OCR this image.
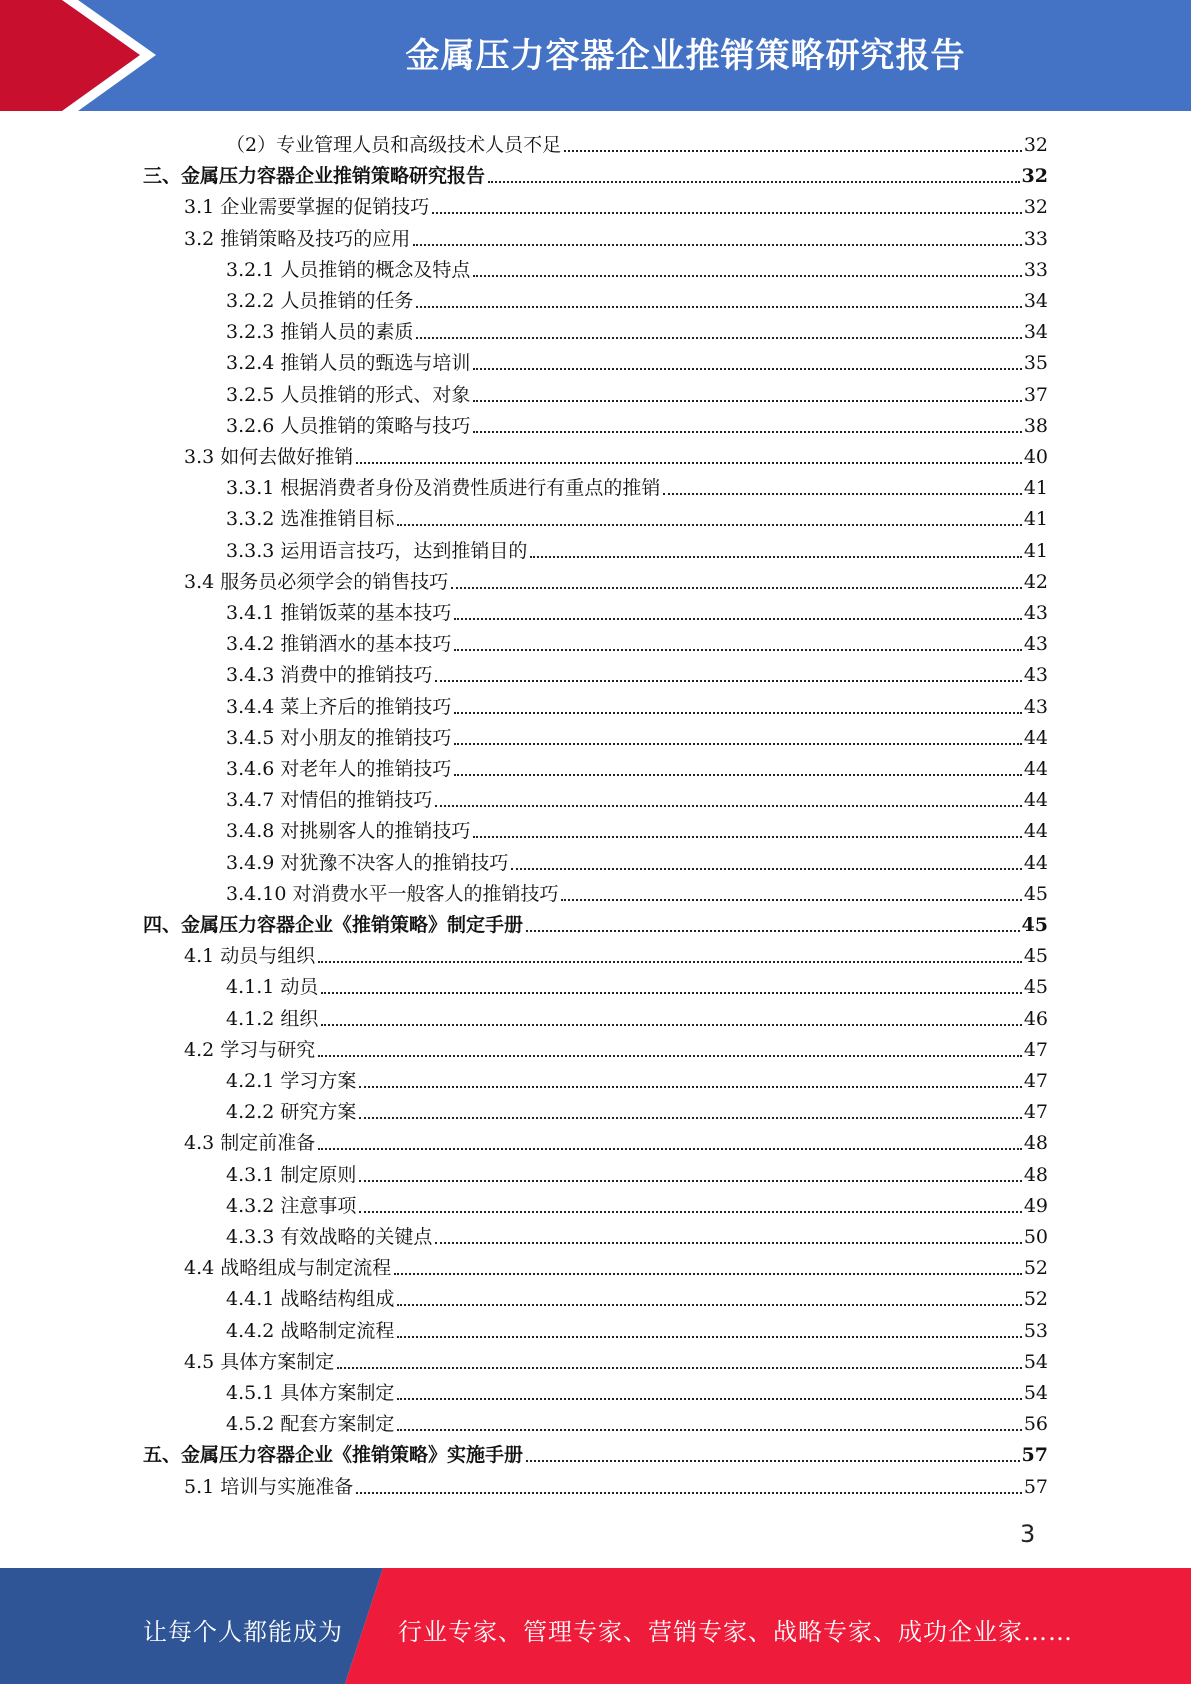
金属压力容器企业推销策略研究报告
（2）专业管理人员和高级技术人员不足	32
三、金属压力容器企业推销策略研究报告	32
3.1 企业需要掌握的促销技巧	32
3.2 推销策略及技巧的应用	33
3.2.1 人员推销的概念及特点	33
3.2.2 人员推销的任务	34
3.2.3 推销人员的素质	34
3.2.4 推销人员的甄选与培训	35
3.2.5 人员推销的形式、对象	37
3.2.6 人员推销的策略与技巧	38
3.3 如何去做好推销	40
3.3.1 根据消费者身份及消费性质进行有重点的推销	41
3.3.2 选准推销目标	41
3.3.3 运用语言技巧，达到推销目的	41
3.4 服务员必须学会的销售技巧	42
3.4.1 推销饭菜的基本技巧	43
3.4.2 推销酒水的基本技巧	43
3.4.3 消费中的推销技巧	43
3.4.4 菜上齐后的推销技巧	43
3.4.5 对小朋友的推销技巧	44
3.4.6 对老年人的推销技巧	44
3.4.7 对情侣的推销技巧	44
3.4.8 对挑剔客人的推销技巧	44
3.4.9 对犹豫不决客人的推销技巧	44
3.4.10 对消费水平一般客人的推销技巧	45
四、金属压力容器企业《推销策略》制定手册	45
4.1 动员与组织	45
4.1.1 动员	45
4.1.2 组织	46
4.2 学习与研究	47
4.2.1 学习方案	47
4.2.2 研究方案	47
4.3 制定前准备	48
4.3.1 制定原则	48
4.3.2 注意事项	49
4.3.3 有效战略的关键点	50
4.4 战略组成与制定流程	52
4.4.1 战略结构组成	52
4.4.2 战略制定流程	53
4.5 具体方案制定	54
4.5.1 具体方案制定	54
4.5.2 配套方案制定	56
五、金属压力容器企业《推销策略》实施手册	57
5.1 培训与实施准备	57
3
让每个人都能成为 行业专家、管理专家、营销专家、战略专家、成功企业家……
